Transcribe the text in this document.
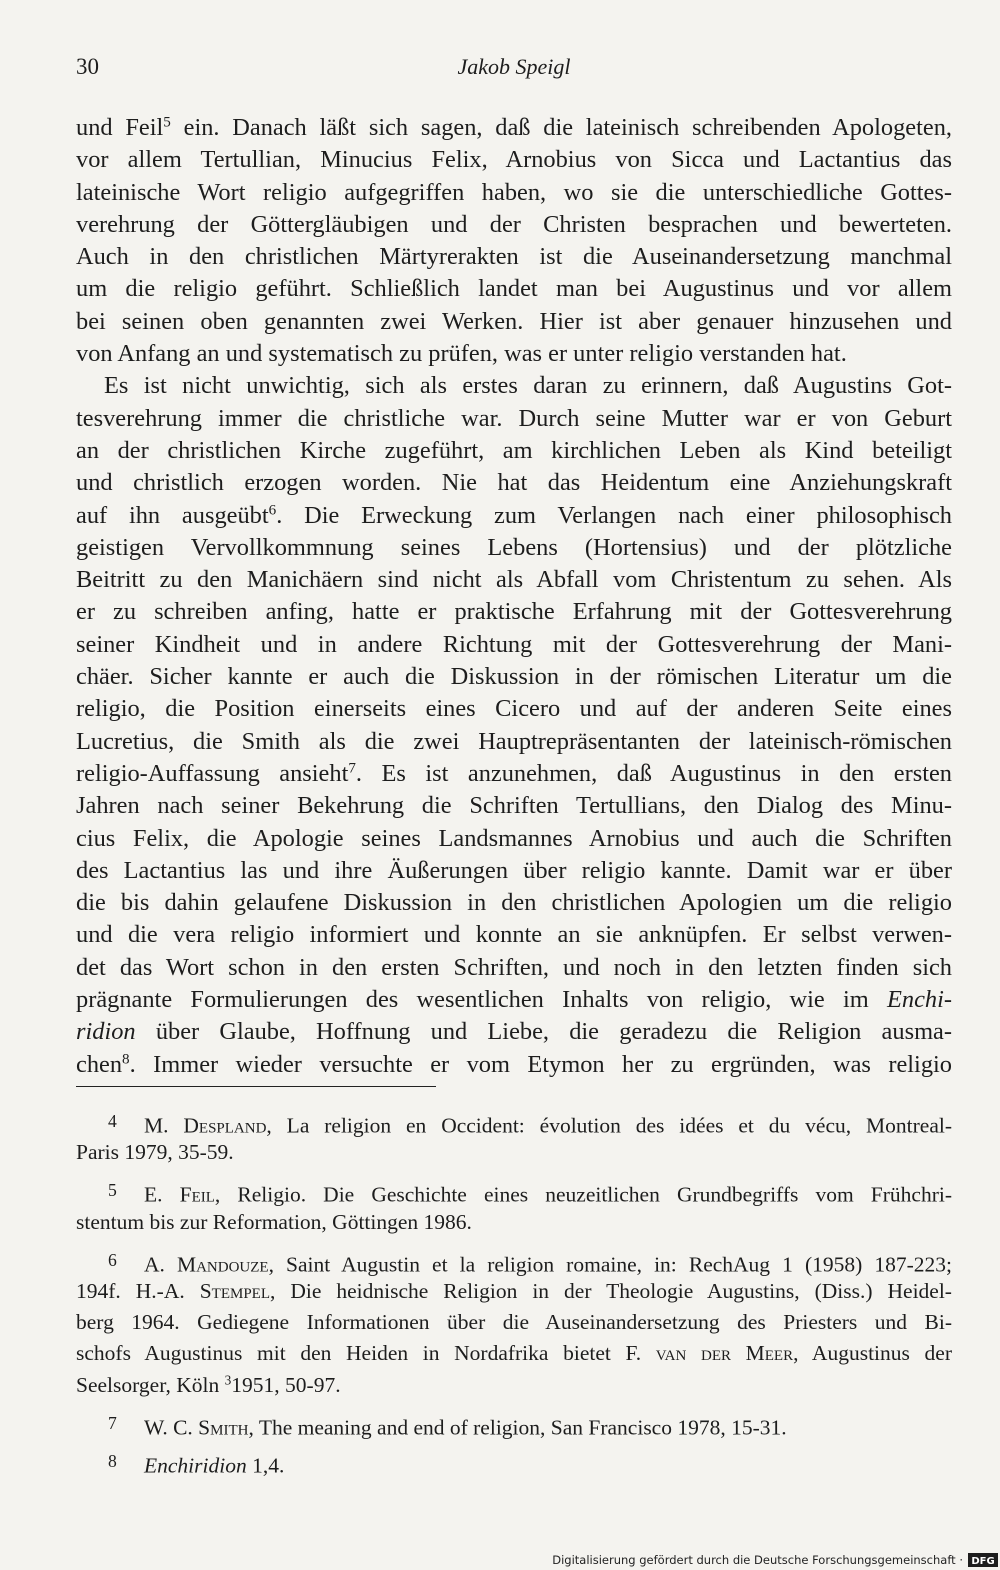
30	Jakob Speigl
und Feil$^5$ ein. Danach läßt sich sagen, daß die lateinisch schreibenden Apologeten,
vor allem Tertullian, Minucius Felix, Arnobius von Sicca und Lactantius das
lateinische Wort religio aufgegriffen haben, wo sie die unterschiedliche Gottes-
verehrung der Göttergläubigen und der Christen besprachen und bewerteten.
Auch in den christlichen Märtyrerakten ist die Auseinandersetzung manchmal
um die religio geführt. Schließlich landet man bei Augustinus und vor allem
bei seinen oben genannten zwei Werken. Hier ist aber genauer hinzusehen und
von Anfang an und systematisch zu prüfen, was er unter religio verstanden hat.
Es ist nicht unwichtig, sich als erstes daran zu erinnern, daß Augustins Got-
tesverehrung immer die christliche war. Durch seine Mutter war er von Geburt
an der christlichen Kirche zugeführt, am kirchlichen Leben als Kind beteiligt
und christlich erzogen worden. Nie hat das Heidentum eine Anziehungskraft
auf ihn ausgeübt$^6$. Die Erweckung zum Verlangen nach einer philosophisch
geistigen Vervollkommnung seines Lebens (Hortensius) und der plötzliche
Beitritt zu den Manichäern sind nicht als Abfall vom Christentum zu sehen. Als
er zu schreiben anfing, hatte er praktische Erfahrung mit der Gottesverehrung
seiner Kindheit und in andere Richtung mit der Gottesverehrung der Mani-
chäer. Sicher kannte er auch die Diskussion in der römischen Literatur um die
religio, die Position einerseits eines Cicero und auf der anderen Seite eines
Lucretius, die Smith als die zwei Hauptrepräsentanten der lateinisch-römischen
religio-Auffassung ansieht$^7$. Es ist anzunehmen, daß Augustinus in den ersten
Jahren nach seiner Bekehrung die Schriften Tertullians, den Dialog des Minu-
cius Felix, die Apologie seines Landsmannes Arnobius und auch die Schriften
des Lactantius las und ihre Äußerungen über religio kannte. Damit war er über
die bis dahin gelaufene Diskussion in den christlichen Apologien um die religio
und die vera religio informiert und konnte an sie anknüpfen. Er selbst verwen-
det das Wort schon in den ersten Schriften, und noch in den letzten finden sich
prägnante Formulierungen des wesentlichen Inhalts von religio, wie im Enchi-
ridion über Glaube, Hoffnung und Liebe, die geradezu die Religion ausma-
chen$^8$. Immer wieder versuchte er vom Etymon her zu ergründen, was religio
4 M. Despland, La religion en Occident: évolution des idées et du vécu, Montreal-
Paris 1979, 35-59.
5 E. Feil, Religio. Die Geschichte eines neuzeitlichen Grundbegriffs vom Frühchri-
stentum bis zur Reformation, Göttingen 1986.
6 A. Mandouze, Saint Augustin et la religion romaine, in: RechAug 1 (1958) 187-223;
194f. H.-A. Stempel, Die heidnische Religion in der Theologie Augustins, (Diss.) Heidel-
berg 1964. Gediegene Informationen über die Auseinandersetzung des Priesters und Bi-
schofs Augustinus mit den Heiden in Nordafrika bietet F. van der Meer, Augustinus der
Seelsorger, Köln $^3$1951, 50-97.
7 W. C. Smith, The meaning and end of religion, San Francisco 1978, 15-31.
8 Enchiridion 1,4.
Digitalisierung gefördert durch die Deutsche Forschungsgemeinschaft · DFG
